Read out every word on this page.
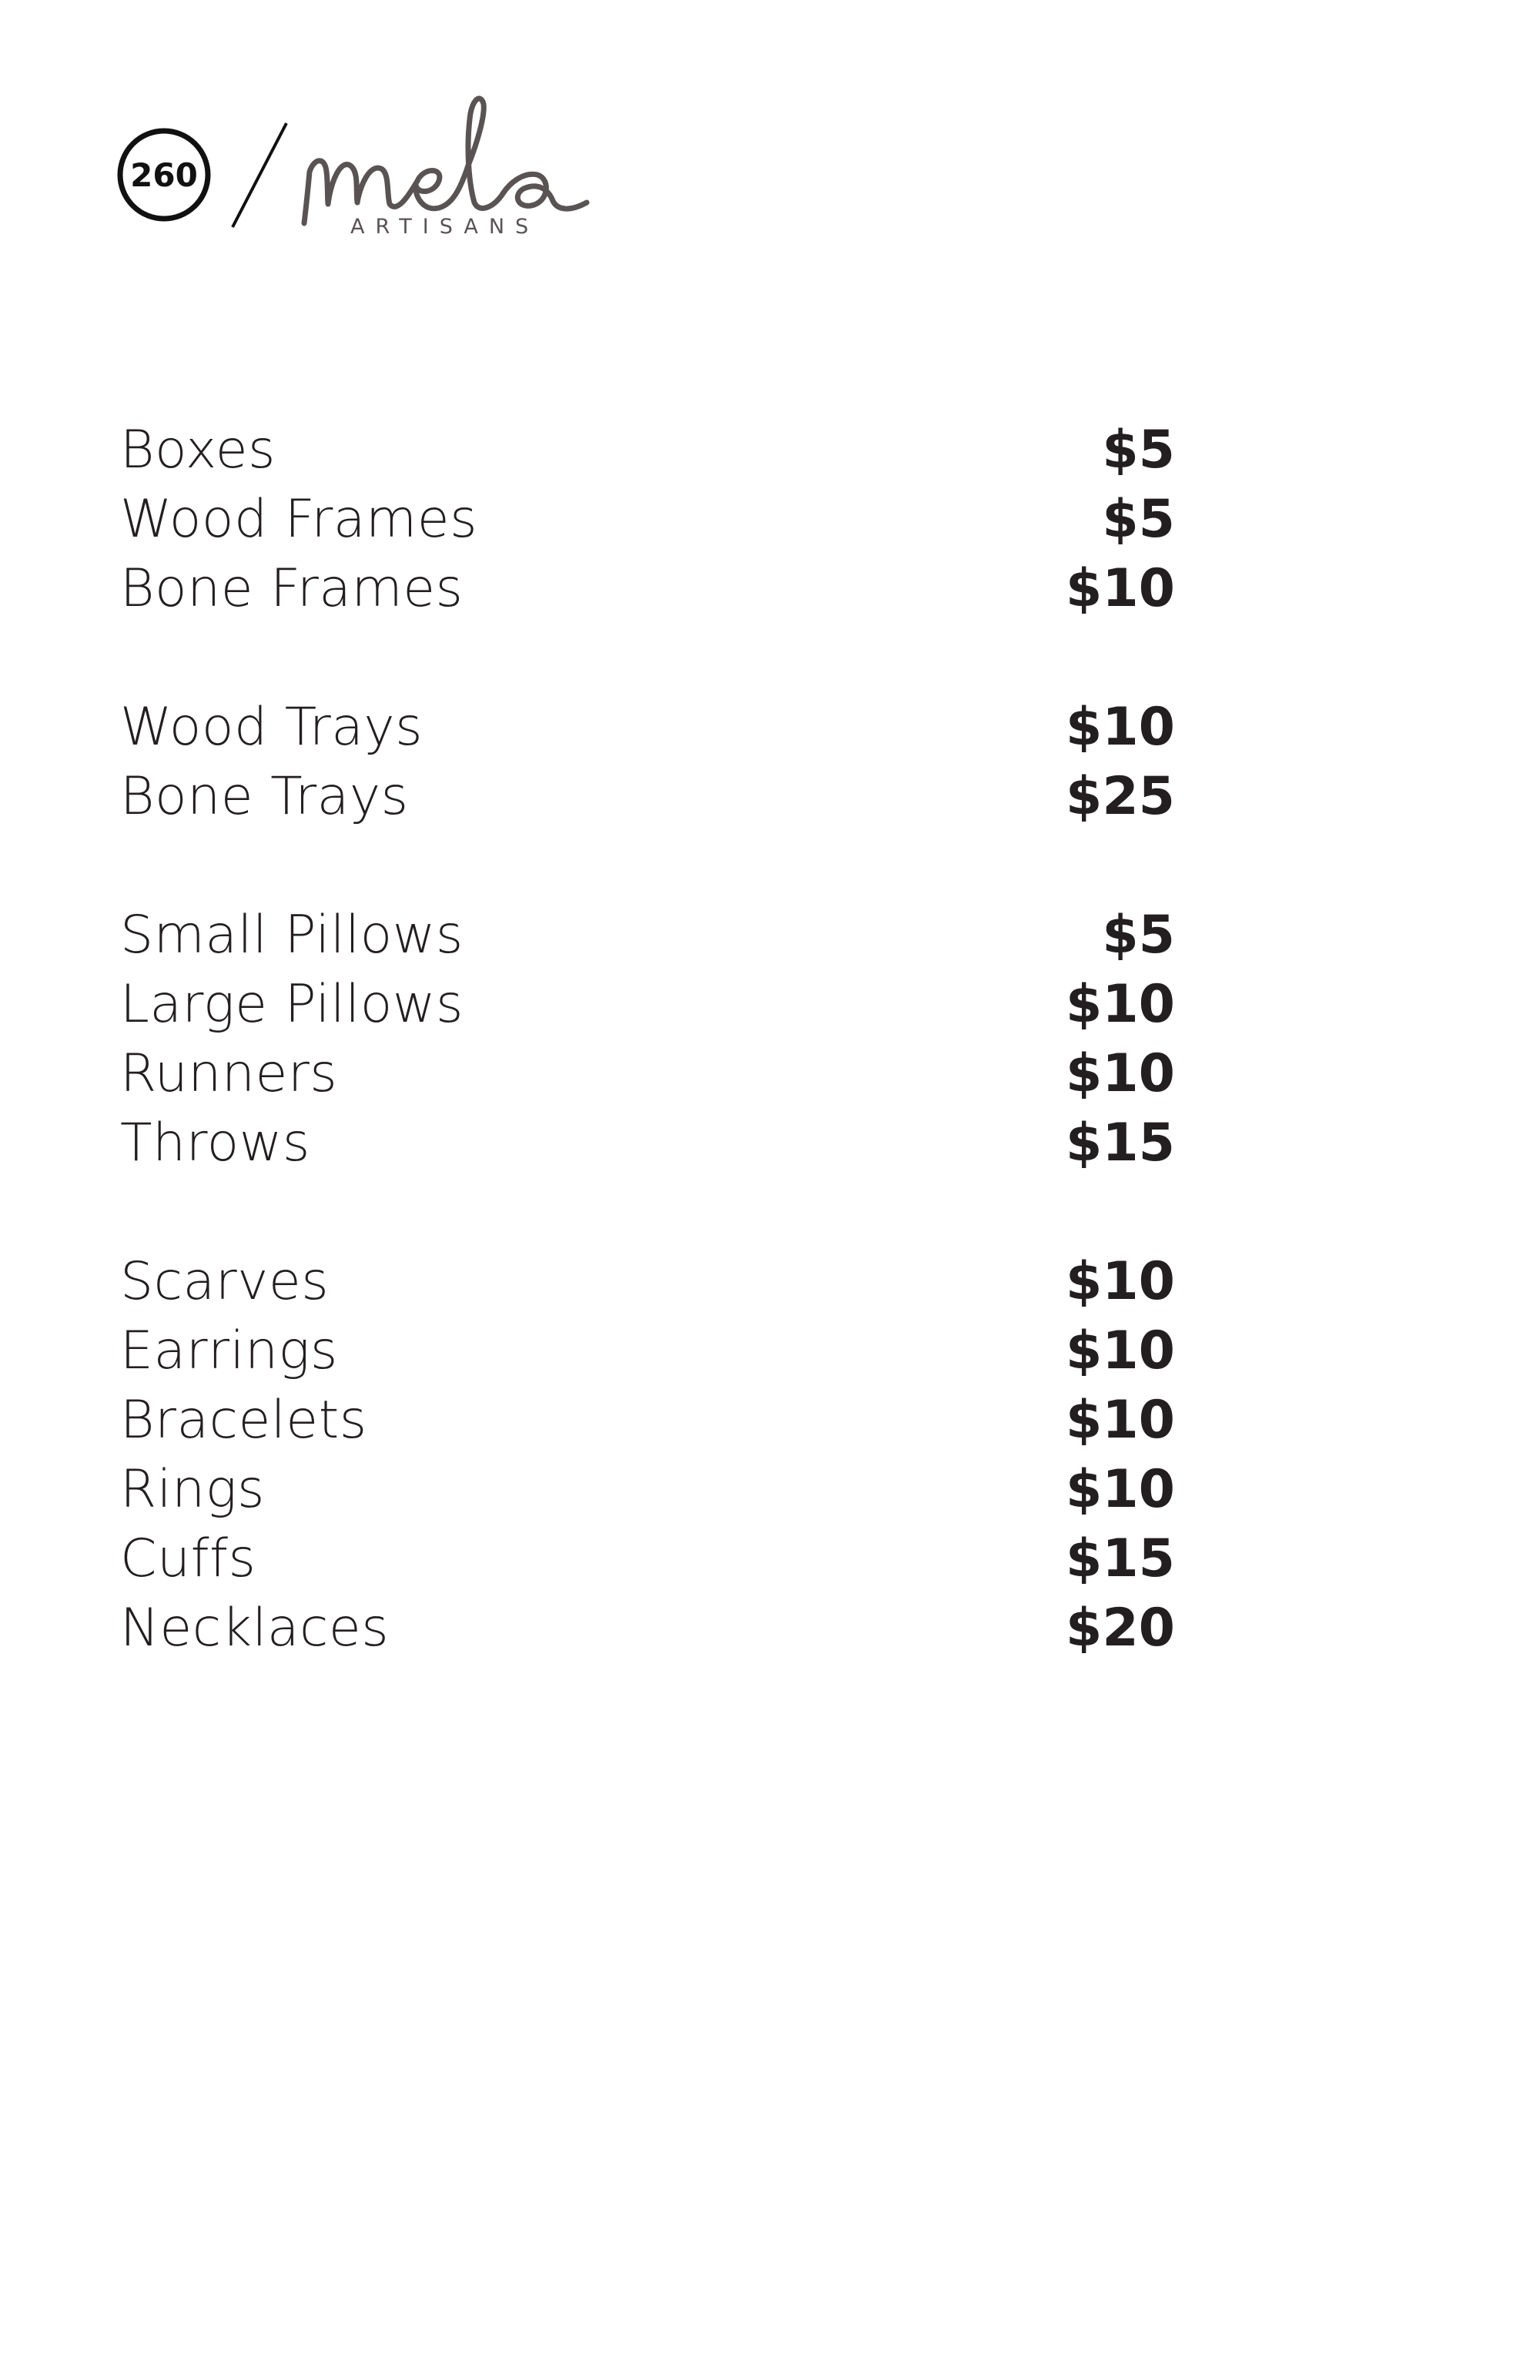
260
ARTISANS
Boxes	$5
Wood Frames	$5
Bone Frames	$10
Wood Trays	$10
Bone Trays	$25
Small Pillows	$5
Large Pillows	$10
Runners	$10
Throws	$15
Scarves	$10
Earrings	$10
Bracelets	$10
Rings	$10
Cuffs	$15
Necklaces	$20
